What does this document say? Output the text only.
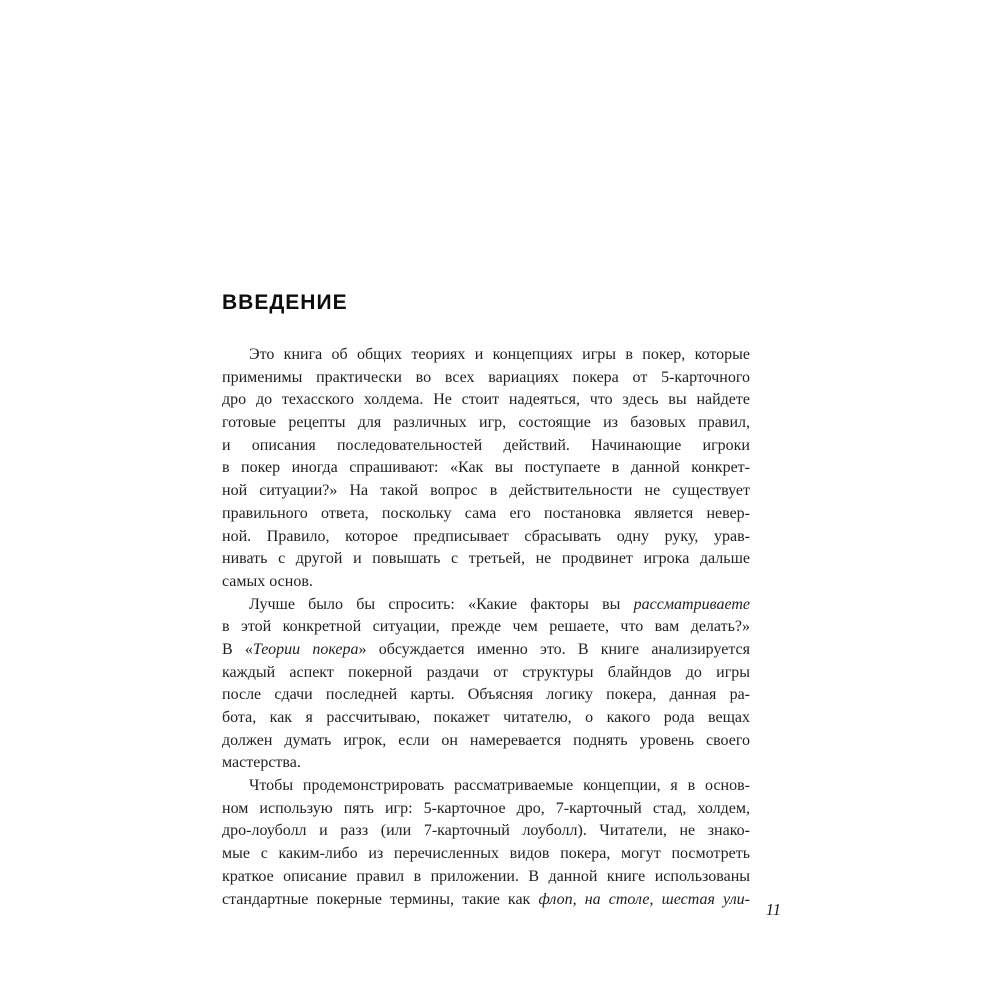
ВВЕДЕНИЕ
Это книга об общих теориях и концепциях игры в покер, которые
применимы практически во всех вариациях покера от 5-карточного
дро до техасского холдема. Не стоит надеяться, что здесь вы найдете
готовые рецепты для различных игр, состоящие из базовых правил,
и описания последовательностей действий. Начинающие игроки
в покер иногда спрашивают: «Как вы поступаете в данной конкрет-
ной ситуации?» На такой вопрос в действительности не существует
правильного ответа, поскольку сама его постановка является невер-
ной. Правило, которое предписывает сбрасывать одну руку, урав-
нивать с другой и повышать с третьей, не продвинет игрока дальше
самых основ.
Лучше было бы спросить: «Какие факторы вы рассматриваете
в этой конкретной ситуации, прежде чем решаете, что вам делать?»
В «Теории покера» обсуждается именно это. В книге анализируется
каждый аспект покерной раздачи от структуры блайндов до игры
после сдачи последней карты. Объясняя логику покера, данная ра-
бота, как я рассчитываю, покажет читателю, о какого рода вещах
должен думать игрок, если он намеревается поднять уровень своего
мастерства.
Чтобы продемонстрировать рассматриваемые концепции, я в основ-
ном использую пять игр: 5-карточное дро, 7-карточный стад, холдем,
дро-лоуболл и разз (или 7-карточный лоуболл). Читатели, не знако-
мые с каким-либо из перечисленных видов покера, могут посмотреть
краткое описание правил в приложении. В данной книге использованы
стандартные покерные термины, такие как флоп, на столе, шестая ули-
11
